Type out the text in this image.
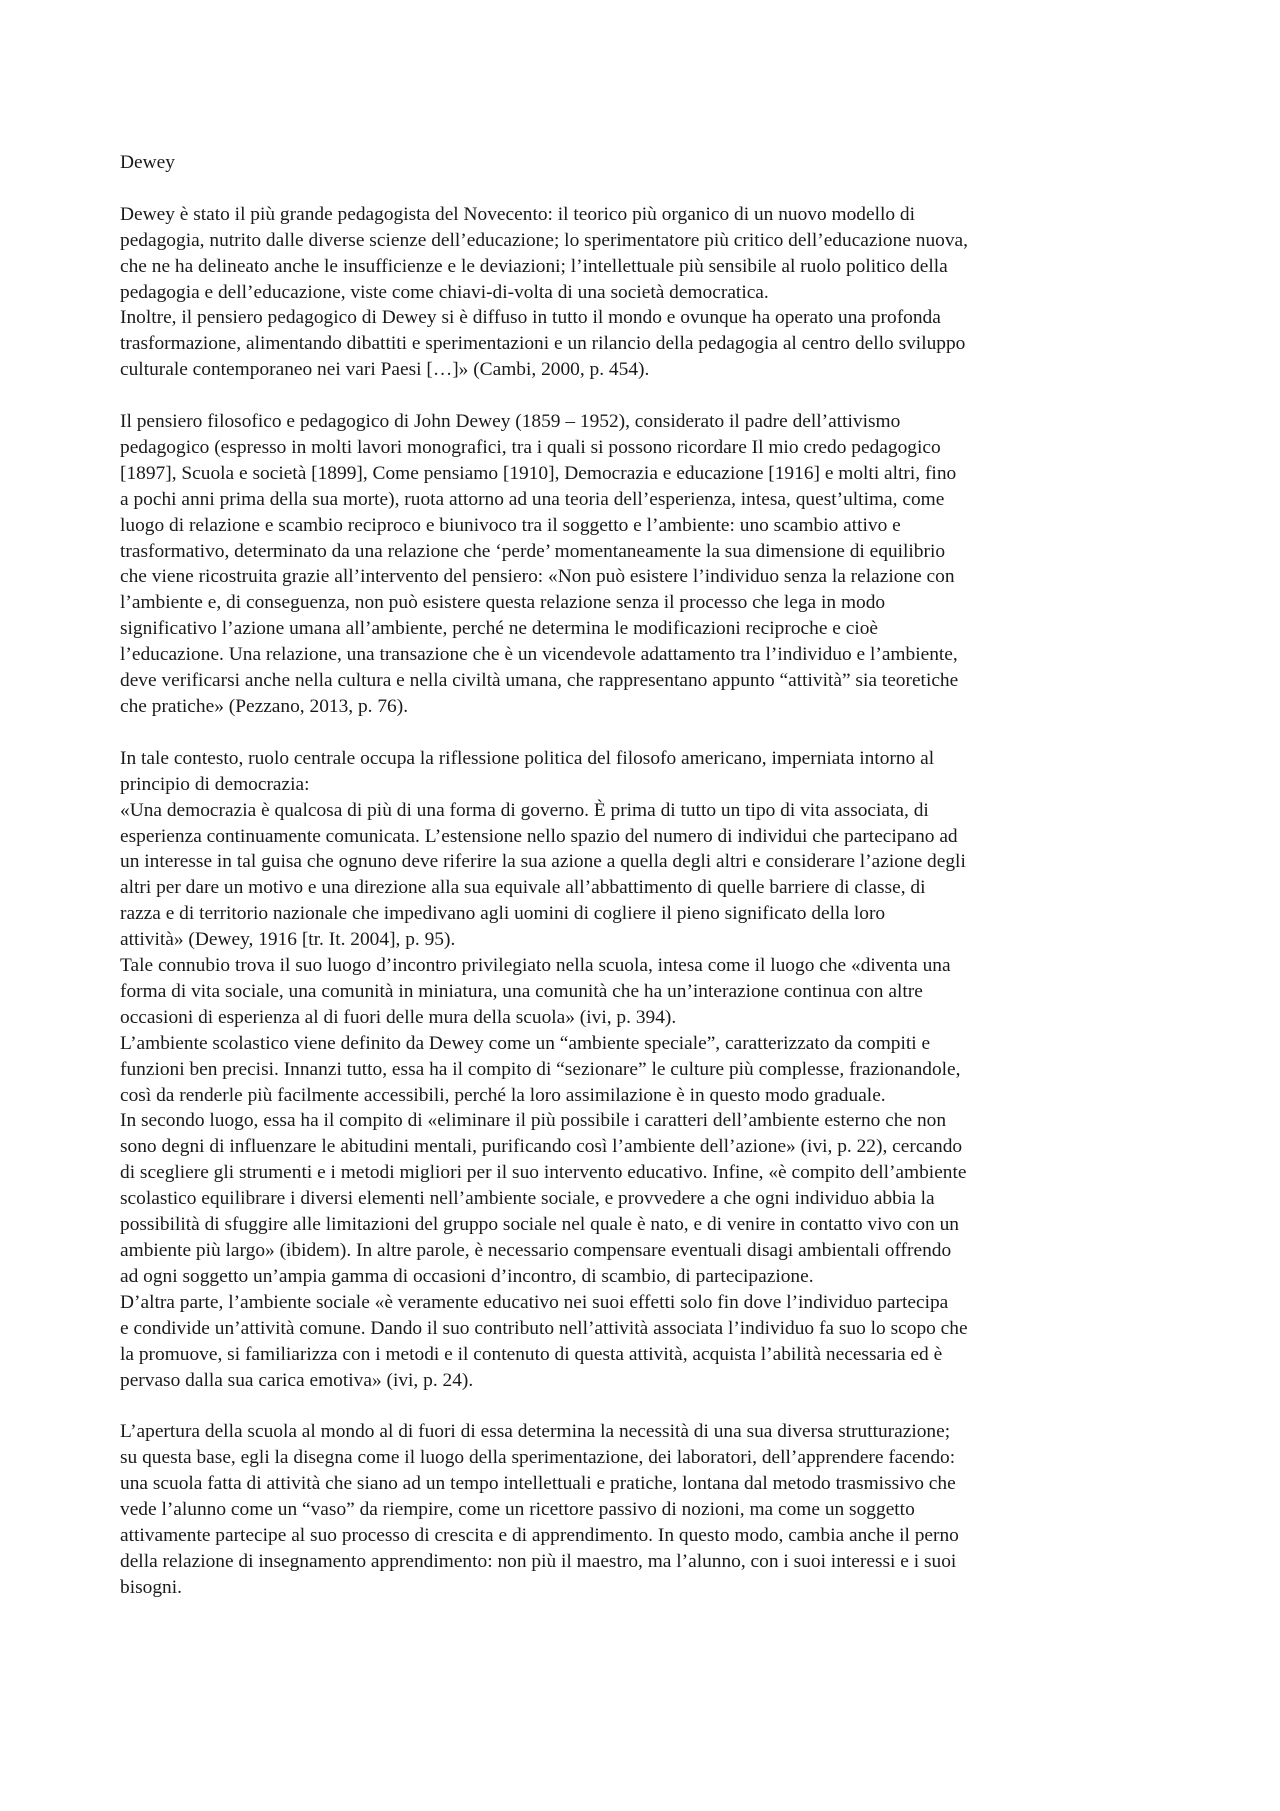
Dewey

Dewey è stato il più grande pedagogista del Novecento: il teorico più organico di un nuovo modello di

pedagogia, nutrito dalle diverse scienze dell’educazione; lo sperimentatore più critico dell’educazione nuova,

che ne ha delineato anche le insufficienze e le deviazioni; l’intellettuale più sensibile al ruolo politico della

pedagogia e dell’educazione, viste come chiavi-di-volta di una società democratica.

Inoltre, il pensiero pedagogico di Dewey si è diffuso in tutto il mondo e ovunque ha operato una profonda

trasformazione, alimentando dibattiti e sperimentazioni e un rilancio della pedagogia al centro dello sviluppo

culturale contemporaneo nei vari Paesi […]» (Cambi, 2000, p. 454).

Il pensiero filosofico e pedagogico di John Dewey (1859 – 1952), considerato il padre dell’attivismo

pedagogico (espresso in molti lavori monografici, tra i quali si possono ricordare Il mio credo pedagogico

[1897], Scuola e società [1899], Come pensiamo [1910], Democrazia e educazione [1916] e molti altri, fino

a pochi anni prima della sua morte), ruota attorno ad una teoria dell’esperienza, intesa, quest’ultima, come

luogo di relazione e scambio reciproco e biunivoco tra il soggetto e l’ambiente: uno scambio attivo e

trasformativo, determinato da una relazione che ‘perde’ momentaneamente la sua dimensione di equilibrio

che viene ricostruita grazie all’intervento del pensiero: «Non può esistere l’individuo senza la relazione con

l’ambiente e, di conseguenza, non può esistere questa relazione senza il processo che lega in modo

significativo l’azione umana all’ambiente, perché ne determina le modificazioni reciproche e cioè

l’educazione. Una relazione, una transazione che è un vicendevole adattamento tra l’individuo e l’ambiente,

deve verificarsi anche nella cultura e nella civiltà umana, che rappresentano appunto “attività” sia teoretiche

che pratiche» (Pezzano, 2013, p. 76).

In tale contesto, ruolo centrale occupa la riflessione politica del filosofo americano, imperniata intorno al

principio di democrazia:

«Una democrazia è qualcosa di più di una forma di governo. È prima di tutto un tipo di vita associata, di

esperienza continuamente comunicata. L’estensione nello spazio del numero di individui che partecipano ad

un interesse in tal guisa che ognuno deve riferire la sua azione a quella degli altri e considerare l’azione degli

altri per dare un motivo e una direzione alla sua equivale all’abbattimento di quelle barriere di classe, di

razza e di territorio nazionale che impedivano agli uomini di cogliere il pieno significato della loro

attività» (Dewey, 1916 [tr. It. 2004], p. 95).

Tale connubio trova il suo luogo d’incontro privilegiato nella scuola, intesa come il luogo che «diventa una

forma di vita sociale, una comunità in miniatura, una comunità che ha un’interazione continua con altre

occasioni di esperienza al di fuori delle mura della scuola» (ivi, p. 394).

L’ambiente scolastico viene definito da Dewey come un “ambiente speciale”, caratterizzato da compiti e

funzioni ben precisi. Innanzi tutto, essa ha il compito di “sezionare” le culture più complesse, frazionandole,

così da renderle più facilmente accessibili, perché la loro assimilazione è in questo modo graduale.

In secondo luogo, essa ha il compito di «eliminare il più possibile i caratteri dell’ambiente esterno che non

sono degni di influenzare le abitudini mentali, purificando così l’ambiente dell’azione» (ivi, p. 22), cercando

di scegliere gli strumenti e i metodi migliori per il suo intervento educativo. Infine, «è compito dell’ambiente

scolastico equilibrare i diversi elementi nell’ambiente sociale, e provvedere a che ogni individuo abbia la

possibilità di sfuggire alle limitazioni del gruppo sociale nel quale è nato, e di venire in contatto vivo con un

ambiente più largo» (ibidem). In altre parole, è necessario compensare eventuali disagi ambientali offrendo

ad ogni soggetto un’ampia gamma di occasioni d’incontro, di scambio, di partecipazione.

D’altra parte, l’ambiente sociale «è veramente educativo nei suoi effetti solo fin dove l’individuo partecipa

e condivide un’attività comune. Dando il suo contributo nell’attività associata l’individuo fa suo lo scopo che

la promuove, si familiarizza con i metodi e il contenuto di questa attività, acquista l’abilità necessaria ed è

pervaso dalla sua carica emotiva» (ivi, p. 24).

L’apertura della scuola al mondo al di fuori di essa determina la necessità di una sua diversa strutturazione;

su questa base, egli la disegna come il luogo della sperimentazione, dei laboratori, dell’apprendere facendo:

una scuola fatta di attività che siano ad un tempo intellettuali e pratiche, lontana dal metodo trasmissivo che

vede l’alunno come un “vaso” da riempire, come un ricettore passivo di nozioni, ma come un soggetto

attivamente partecipe al suo processo di crescita e di apprendimento. In questo modo, cambia anche il perno

della relazione di insegnamento apprendimento: non più il maestro, ma l’alunno, con i suoi interessi e i suoi

bisogni.
